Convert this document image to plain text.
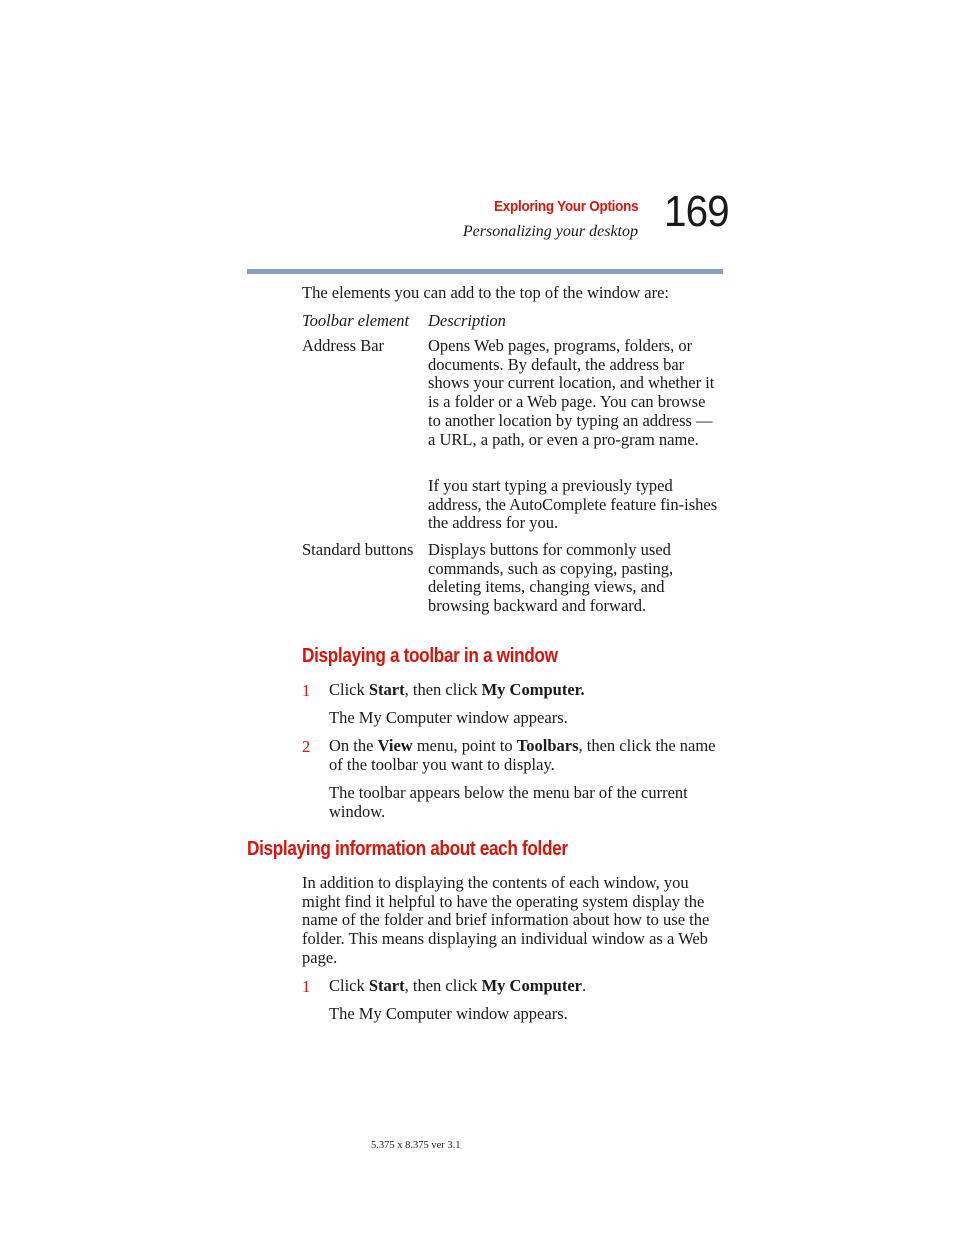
Exploring Your Options
Personalizing your desktop 169
The elements you can add to the top of the window are:
Toolbar element Description
Address Bar	Opens Web pages, programs, folders, or documents. By default, the address bar shows your current location, and whether it is a folder or a Web page. You can browse to another location by typing an address — a URL, a path, or even a pro-gram name.
If you start typing a previously typed address, the AutoComplete feature fin-ishes the address for you.
Standard buttons Displays buttons for commonly used commands, such as copying, pasting, deleting items, changing views, and browsing backward and forward.
Displaying a toolbar in a window
1 Click Start, then click My Computer.
The My Computer window appears.
2 On the View menu, point to Toolbars, then click the name of the toolbar you want to display.
The toolbar appears below the menu bar of the current window.
Displaying information about each folder
In addition to displaying the contents of each window, you might find it helpful to have the operating system display the name of the folder and brief information about how to use the folder. This means displaying an individual window as a Web page.
1 Click Start, then click My Computer.
The My Computer window appears.
5.375 x 8.375 ver 3.1
